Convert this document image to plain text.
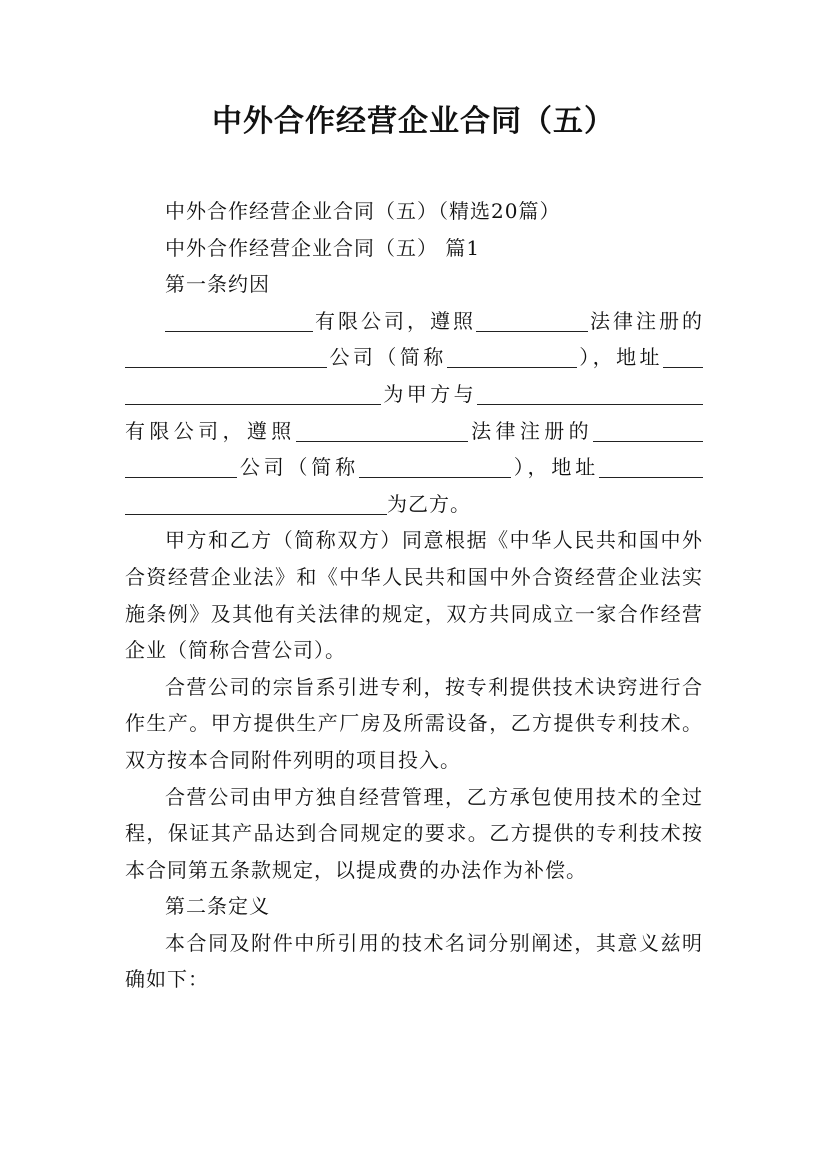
中外合作经营企业合同（五）

中外合作经营企业合同（五）（精选20篇）

中外合作经营企业合同（五） 篇1

第一条约因

有限公司，遵照	法律注册的公司（简称	），地址为甲方与有限公司，遵照	法律注册的公司（简称	），地址为乙方。

甲方和乙方（简称双方）同意根据《中华人民共和国中外合资经营企业法》和《中华人民共和国中外合资经营企业法实施条例》及其他有关法律的规定，双方共同成立一家合作经营企业（简称合营公司）。

合营公司的宗旨系引进专利，按专利提供技术诀窍进行合作生产。甲方提供生产厂房及所需设备，乙方提供专利技术。双方按本合同附件列明的项目投入。

合营公司由甲方独自经营管理，乙方承包使用技术的全过程，保证其产品达到合同规定的要求。乙方提供的专利技术按本合同第五条款规定，以提成费的办法作为补偿。

第二条定义

本合同及附件中所引用的技术名词分别阐述，其意义兹明确如下：
